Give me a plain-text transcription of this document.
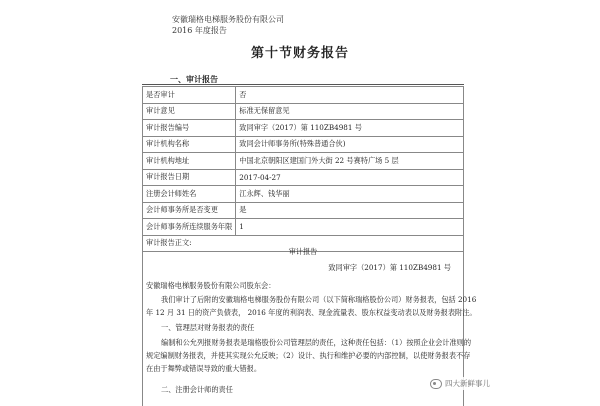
安徽瑞格电梯服务股份有限公司
2016 年度报告
第十节财务报告
一、审计报告
是否审计	否
审计意见	标准无保留意见
审计报告编号	致同审字（2017）第 110ZB4981 号
审计机构名称	致同会计师事务所(特殊普通合伙)
审计机构地址	中国北京朝阳区建国门外大街 22 号赛特广场 5 层
审计报告日期	2017-04-27
注册会计师姓名	江永辉、钱华丽
会计师事务所是否变更	是
会计师事务所连续服务年限	1
审计报告正文:	
审计报告
致同审字（2017）第 110ZB4981 号
安徽瑞格电梯服务股份有限公司股东会：
我们审计了后附的安徽瑞格电梯服务股份有限公司（以下简称瑞格股份公司）财务报表，包括 2016
年 12 月 31 日的资产负债表， 2016 年度的利润表、现金流量表、股东权益变动表以及财务报表附注。
一、管理层对财务报表的责任
编制和公允列报财务报表是瑞格股份公司管理层的责任，这种责任包括：（1）按照企业会计准则的
规定编制财务报表，并使其实现公允反映；（2）设计、执行和维护必要的内部控制，以使财务报表不存
在由于舞弊或错误导致的重大错报。
二、注册会计师的责任
四大新鲜事儿
